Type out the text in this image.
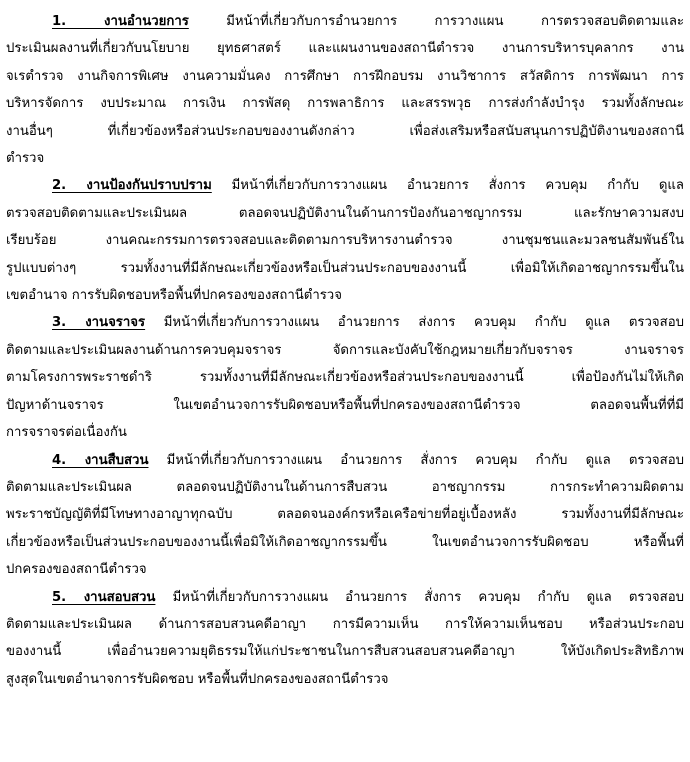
1. งานอำนวยการ มีหน้าที่เกี่ยวกับการอำนวยการ การวางแผน การตรวจสอบติดตามและ
ประเมินผลงานที่เกี่ยวกับนโยบาย ยุทธศาสตร์ และแผนงานของสถานีตำรวจ งานการบริหารบุคลากร งาน
จเรตำรวจ งานกิจการพิเศษ งานความมั่นคง การศึกษา การฝึกอบรม งานวิชาการ สวัสดิการ การพัฒนา การ
บริหารจัดการ งบประมาณ การเงิน การพัสดุ การพลาธิการ และสรรพวุธ การส่งกำลังบำรุง รวมทั้งลักษณะ
งานอื่นๆ ที่เกี่ยวข้องหรือส่วนประกอบของงานดังกล่าว เพื่อส่งเสริมหรือสนับสนุนการปฏิบัติงานของสถานี
ตำรวจ
2. งานป้องกันปราบปราม มีหน้าที่เกี่ยวกับการวางแผน อำนวยการ สั่งการ ควบคุม กำกับ ดูแล
ตรวจสอบติดตามและประเมินผล ตลอดจนปฏิบัติงานในด้านการป้องกันอาชญากรรม และรักษาความสงบ
เรียบร้อย งานคณะกรรมการตรวจสอบและติดตามการบริหารงานตำรวจ งานชุมชนและมวลชนสัมพันธ์ใน
รูปแบบต่างๆ รวมทั้งงานที่มีลักษณะเกี่ยวข้องหรือเป็นส่วนประกอบของงานนี้ เพื่อมิให้เกิดอาชญากรรมขึ้นใน
เขตอำนาจ การรับผิดชอบหรือพื้นที่ปกครองของสถานีตำรวจ
3. งานจราจร มีหน้าที่เกี่ยวกับการวางแผน อำนวยการ ส่งการ ควบคุม กำกับ ดูแล ตรวจสอบ
ติดตามและประเมินผลงานด้านการควบคุมจราจร จัดการและบังคับใช้กฎหมายเกี่ยวกับจราจร งานจราจร
ตามโครงการพระราชดำริ รวมทั้งงานที่มีลักษณะเกี่ยวข้องหรือส่วนประกอบของงานนี้ เพื่อป้องกันไม่ให้เกิด
ปัญหาด้านจราจร ในเขตอำนวจการรับผิดชอบหรือพื้นที่ปกครองของสถานีตำรวจ ตลอดจนพื้นที่ที่มี
การจราจรต่อเนื่องกัน
4. งานสืบสวน มีหน้าที่เกี่ยวกับการวางแผน อำนวยการ สั่งการ ควบคุม กำกับ ดูแล ตรวจสอบ
ติดตามและประเมินผล ตลอดจนปฏิบัติงานในด้านการสืบสวน อาชญากรรม การกระทำความผิดตาม
พระราชบัญญัติที่มีโทษทางอาญาทุกฉบับ ตลอดจนองค์กรหรือเครือข่ายที่อยู่เบื้องหลัง รวมทั้งงานที่มีลักษณะ
เกี่ยวข้องหรือเป็นส่วนประกอบของงานนี้เพื่อมิให้เกิดอาชญากรรมขึ้น ในเขตอำนวจการรับผิดชอบ หรือพื้นที่
ปกครองของสถานีตำรวจ
5. งานสอบสวน มีหน้าที่เกี่ยวกับการวางแผน อำนวยการ สั่งการ ควบคุม กำกับ ดูแล ตรวจสอบ
ติดตามและประเมินผล ด้านการสอบสวนคดีอาญา การมีความเห็น การให้ความเห็นชอบ หรือส่วนประกอบ
ของงานนี้ เพื่ออำนวยความยุติธรรมให้แก่ประชาชนในการสืบสวนสอบสวนคดีอาญา ให้บังเกิดประสิทธิภาพ
สูงสุดในเขตอำนาจการรับผิดชอบ หรือพื้นที่ปกครองของสถานีตำรวจ
